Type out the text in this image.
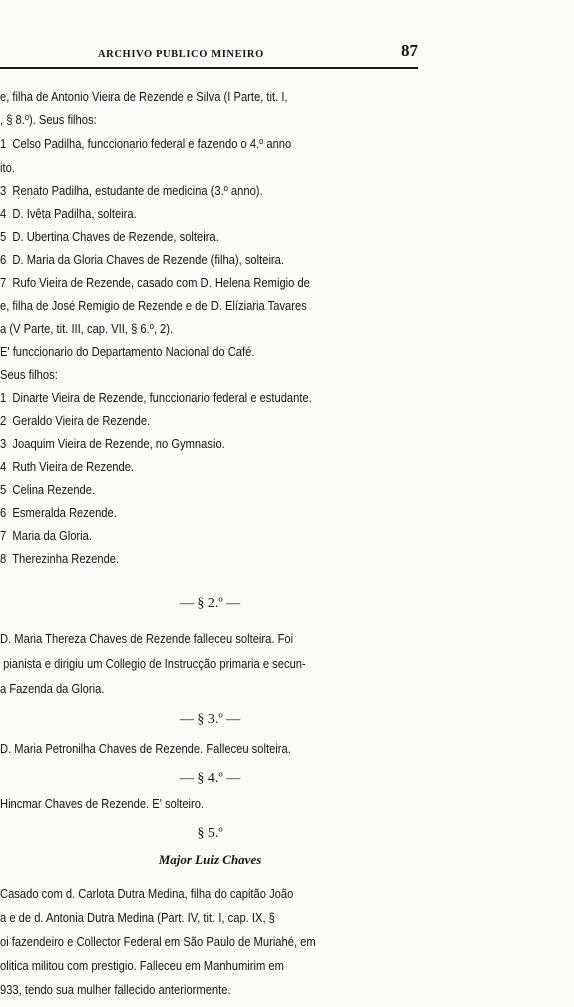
ARCHIVO PUBLICO MINEIRO	87
e, filha de Antonio Vieira de Rezende e Silva (I Parte, tit. I,
, § 8.º). Seus filhos:
1  Celso Padilha, funccionario federal e fazendo o 4.º anno
ito.
3  Renato Padilha, estudante de medicina (3.º anno).
4  D. Ivêta Padilha, solteira.
5  D. Ubertina Chaves de Rezende, solteira.
6  D. Maria da Gloria Chaves de Rezende (filha), solteira.
7  Rufo Vieira de Rezende, casado com D. Helena Remigio de
e, filha de José Remigio de Rezende e de D. Elíziaria Tavares
a (V Parte, tit. III, cap. VII, § 6.º, 2).
E' funccionario do Departamento Nacional do Café.
Seus filhos:
1  Dinarte Vieira de Rezende, funccionario federal e estudante.
2  Geraldo Vieira de Rezende.
3  Joaquim Vieira de Rezende, no Gymnasio.
4  Ruth Vieira de Rezende.
5  Celina Rezende.
6  Esmeralda Rezende.
7  Maria da Gloria.
8  Therezinha Rezende.
— § 2.º —
D. Maria Thereza Chaves de Rezende falleceu solteira. Foi
pianista e dirigiu um Collegio de Instrucção primaria e secun-
a Fazenda da Gloria.
— § 3.º —
D. Maria Petronilha Chaves de Rezende. Falleceu solteira.
— § 4.º —
Hincmar Chaves de Rezende. E' solteiro.
§ 5.º
Major Luiz Chaves
Casado com d. Carlota Dutra Medina, filha do capitão João
a e de d. Antonia Dutra Medina (Part. IV, tit. I, cap. IX, §
oi fazendeiro e Collector Federal em São Paulo de Muriahé, em
olitica militou com prestigio. Falleceu em Manhumirim em
933, tendo sua mulher fallecido anteriormente.
